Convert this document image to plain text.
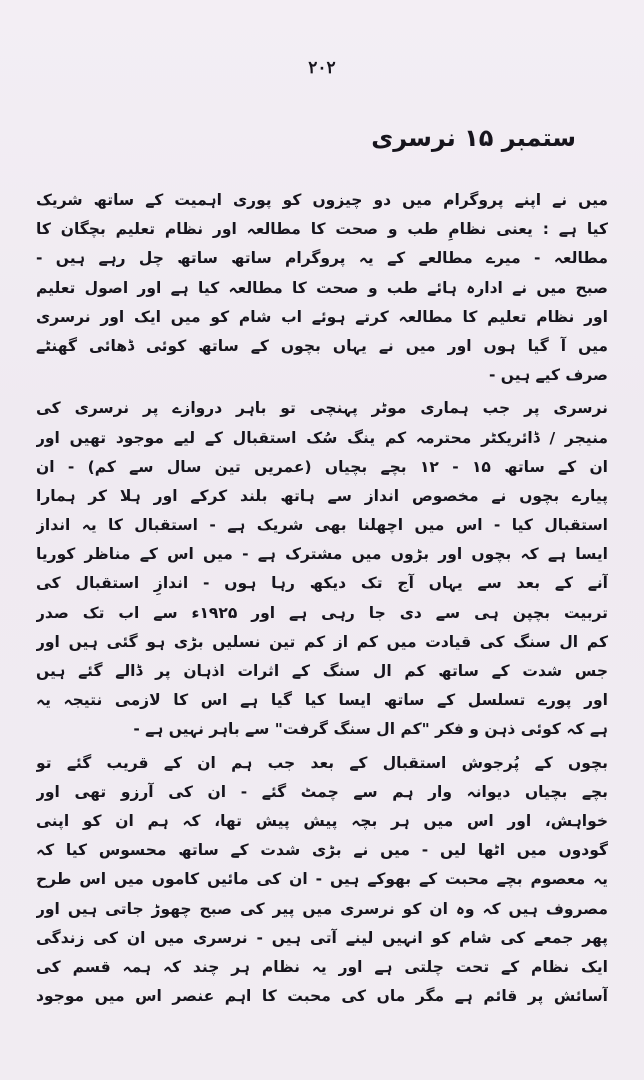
۲۰۲
ستمبر ۱۵ نرسری
میں نے اپنے پروگرام میں دو چیزوں کو پوری اہمیت کے ساتھ شریک
کیا ہے : یعنی نظامِ طب و صحت کا مطالعہ اور نظام تعلیم بچگان کا
مطالعہ - میرے مطالعے کے یہ پروگرام ساتھ ساتھ چل رہے ہیں -
صبح میں نے ادارہ ہائے طب و صحت کا مطالعہ کیا ہے اور اصول تعلیم
اور نظام تعلیم کا مطالعہ کرتے ہوئے اب شام کو میں ایک اور نرسری
میں آ گیا ہوں اور میں نے یہاں بچوں کے ساتھ کوئی ڈھائی گھنٹے
صرف کیے ہیں -
نرسری پر جب ہماری موٹر پہنچی تو باہر دروازے پر نرسری کی
منیجر / ڈائریکٹر محترمہ کم ینگ سُک استقبال کے لیے موجود تھیں اور
ان کے ساتھ ۱۵ - ۱۲ بچے بچیاں (عمریں تین سال سے کم) - ان
پیارے بچوں نے مخصوص انداز سے ہاتھ بلند کرکے اور ہلا کر ہمارا
استقبال کیا - اس میں اچھلنا بھی شریک ہے - استقبال کا یہ انداز
ایسا ہے کہ بچوں اور بڑوں میں مشترک ہے - میں اس کے مناظر کوریا
آنے کے بعد سے یہاں آج تک دیکھ رہا ہوں - اندازِ استقبال کی
تربیت بچپن ہی سے دی جا رہی ہے اور ۱۹۲۵ء سے اب تک صدر
کم ال سنگ کی قیادت میں کم از کم تین نسلیں بڑی ہو گئی ہیں اور
جس شدت کے ساتھ کم ال سنگ کے اثرات اذہان پر ڈالے گئے ہیں
اور پورے تسلسل کے ساتھ ایسا کیا گیا ہے اس کا لازمی نتیجہ یہ
ہے کہ کوئی ذہن و فکر "کم ال سنگ گرفت" سے باہر نہیں ہے -
بچوں کے پُرجوش استقبال کے بعد جب ہم ان کے قریب گئے تو
بچے بچیاں دیوانہ وار ہم سے چمٹ گئے - ان کی آرزو تھی اور
خواہش، اور اس میں ہر بچہ پیش پیش تھا، کہ ہم ان کو اپنی
گودوں میں اٹھا لیں - میں نے بڑی شدت کے ساتھ محسوس کیا کہ
یہ معصوم بچے محبت کے بھوکے ہیں - ان کی مائیں کاموں میں اس طرح
مصروف ہیں کہ وہ ان کو نرسری میں پیر کی صبح چھوڑ جاتی ہیں اور
پھر جمعے کی شام کو انہیں لینے آتی ہیں - نرسری میں ان کی زندگی
ایک نظام کے تحت چلتی ہے اور یہ نظام ہر چند کہ ہمہ قسم کی
آسائش پر قائم ہے مگر ماں کی محبت کا اہم عنصر اس میں موجود
